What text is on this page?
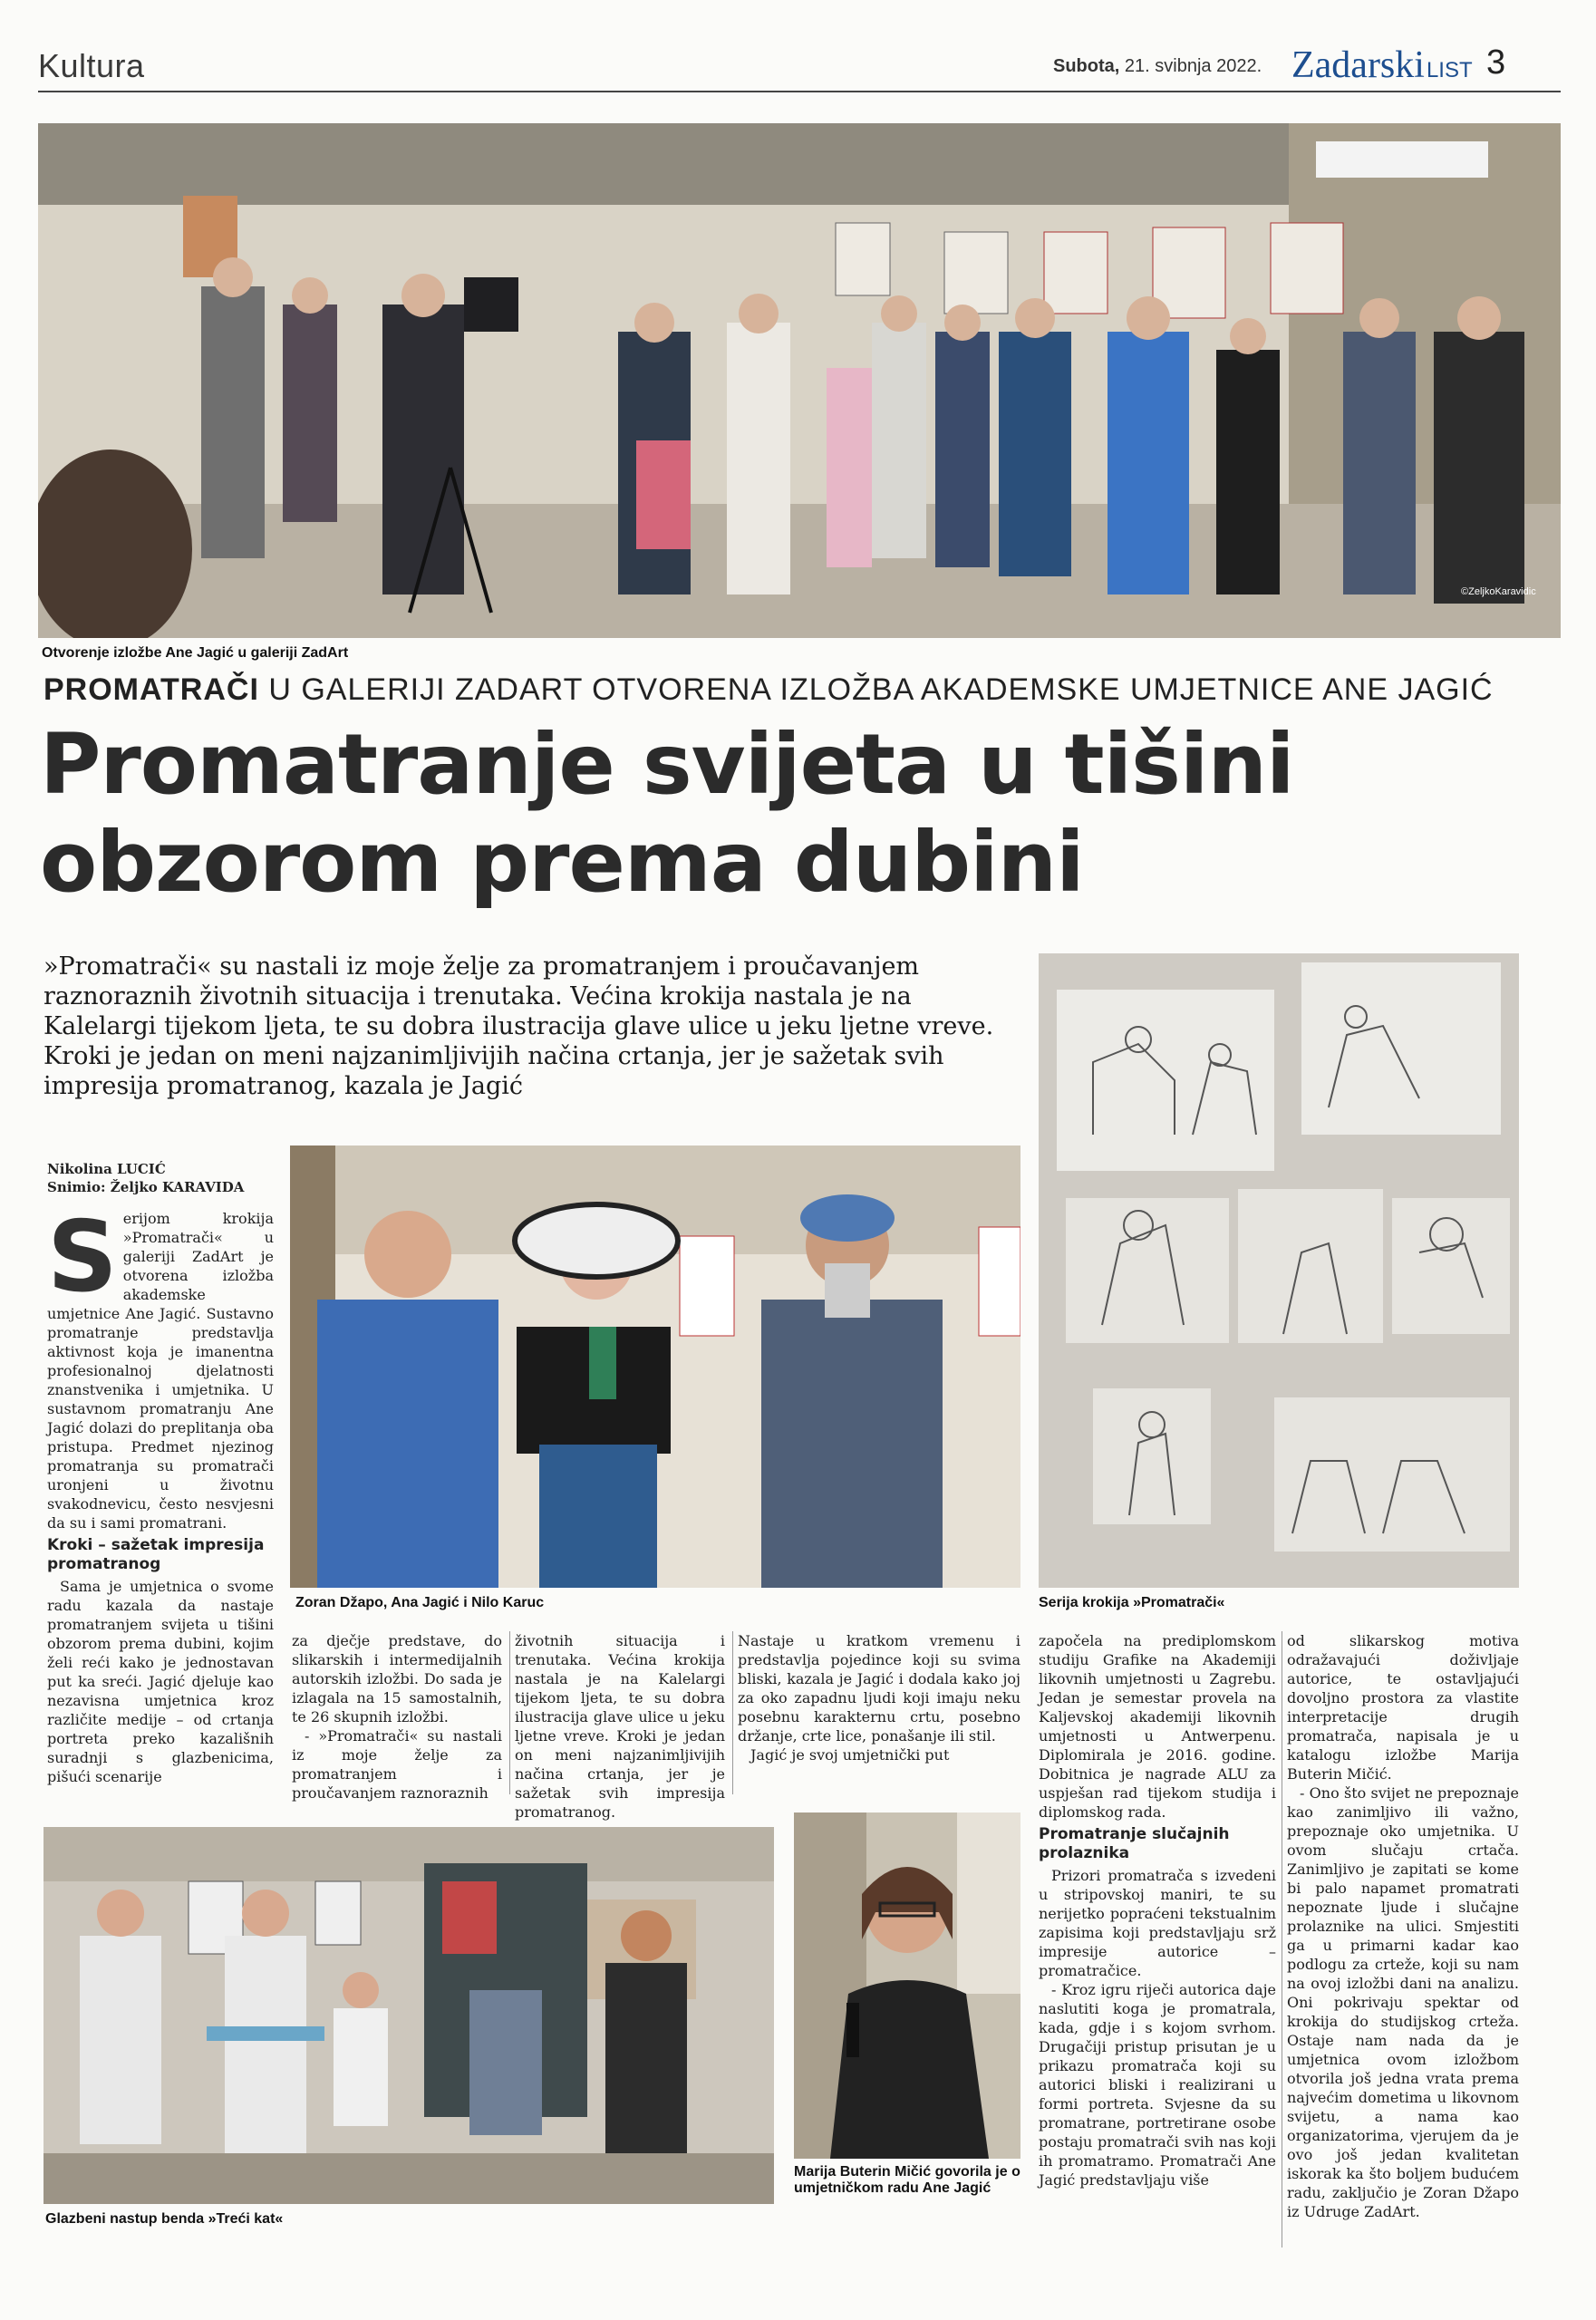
Kultura	Subota, 21. svibnja 2022. ZadarskiLIST 3
©ZeljkoKaravidic
Otvorenje izložbe Ane Jagić u galeriji ZadArt
PROMATRAČI U GALERIJI ZADART OTVORENA IZLOŽBA AKADEMSKE UMJETNICE ANE JAGIĆ
Promatranje svijeta u tišini
obzorom prema dubini
»Promatrači« su nastali iz moje želje za promatranjem i proučavanjem raznoraznih životnih situacija i trenutaka. Većina krokija nastala je na Kalelargi tijekom ljeta, te su dobra ilustracija glave ulice u jeku ljetne vreve. Kroki je jedan on meni najzanimljivijih načina crtanja, jer je sažetak svih impresija promatranog, kazala je Jagić
Serija krokija »Promatrači«
Nikolina LUCIĆ
Snimio: Željko KARAVIDA
Zoran Džapo, Ana Jagić i Nilo Karuc
S erijom krokija »Promatrači« u galeriji ZadArt je otvorena izložba akademske umjetnice Ane Jagić. Sustavno promatranje predstavlja aktivnost koja je imanentna profesionalnoj djelatnosti znanstvenika i umjetnika. U sustavnom promatranju Ane Jagić dolazi do preplitanja oba pristupa. Predmet njezinog promatranja su promatrači uronjeni u životnu svakodnevicu, često nesvjesni da su i sami promatrani.

Kroki – sažetak impresija promatranog

Sama je umjetnica o svome radu kazala da nastaje promatranjem svijeta u tišini obzorom prema dubini, kojim želi reći kako je jednostavan put ka sreći. Jagić djeluje kao nezavisna umjetnica kroz različite medije – od crtanja portreta preko kazališnih suradnji s glazbenicima, pišući scenarije

za dječje predstave, do slikarskih i intermedijalnih autorskih izložbi. Do sada je izlagala na 15 samostalnih, te 26 skupnih izložbi.

- »Promatrači« su nastali iz moje želje za promatranjem i proučavanjem raznoraznih

životnih situacija i trenutaka. Većina krokija nastala je na Kalelargi tijekom ljeta, te su dobra ilustracija glave ulice u jeku ljetne vreve. Kroki je jedan on meni najzanimljivijih načina crtanja, jer je sažetak svih impresija promatranog.

Nastaje u kratkom vremenu i predstavlja pojedince koji su svima bliski, kazala je Jagić i dodala kako joj za oko zapadnu ljudi koji imaju neku posebnu karakternu crtu, posebno držanje, crte lice, ponašanje ili stil.

Jagić je svoj umjetnički put

započela na prediplomskom studiju Grafike na Akademiji likovnih umjetnosti u Zagrebu. Jedan je semestar provela na Kaljevskoj akademiji likovnih umjetnosti u Antwerpenu. Diplomirala je 2016. godine. Dobitnica je nagrade ALU za uspješan rad tijekom studija i diplomskog rada.

Promatranje slučajnih prolaznika

Prizori promatrača s izvedeni u stripovskoj maniri, te su nerijetko popraćeni tekstualnim zapisima koji predstavljaju srž impresije autorice – promatračice.

- Kroz igru riječi autorica daje naslutiti koga je promatrala, kada, gdje i s kojom svrhom. Drugačiji pristup prisutan je u prikazu promatrača koji su autorici bliski i realizirani u formi portreta. Svjesne da su promatrane, portretirane osobe postaju promatrači svih nas koji ih promatramo. Promatrači Ane Jagić predstavljaju više

od slikarskog motiva odražavajući doživljaje autorice, te ostavljajući dovoljno prostora za vlastite interpretacije drugih promatrača, napisala je u katalogu izložbe Marija Buterin Mičić.

- Ono što svijet ne prepoznaje kao zanimljivo ili važno, prepoznaje oko umjetnika. U ovom slučaju crtača. Zanimljivo je zapitati se kome bi palo napamet promatrati nepoznate ljude i slučajne prolaznike na ulici. Smjestiti ga u primarni kadar kao podlogu za crteže, koji su nam na ovoj izložbi dani na analizu. Oni pokrivaju spektar od krokija do studijskog crteža. Ostaje nam nada da je umjetnica ovom izložbom otvorila još jedna vrata prema najvećim dometima u likovnom svijetu, a nama kao organizatorima, vjerujem da je ovo još jedan kvalitetan iskorak ka što boljem budućem radu, zaključio je Zoran Džapo iz Udruge ZadArt.

Glazbeni nastup benda »Treći kat«
Marija Buterin Mičić govorila je o umjetničkom radu Ane Jagić
